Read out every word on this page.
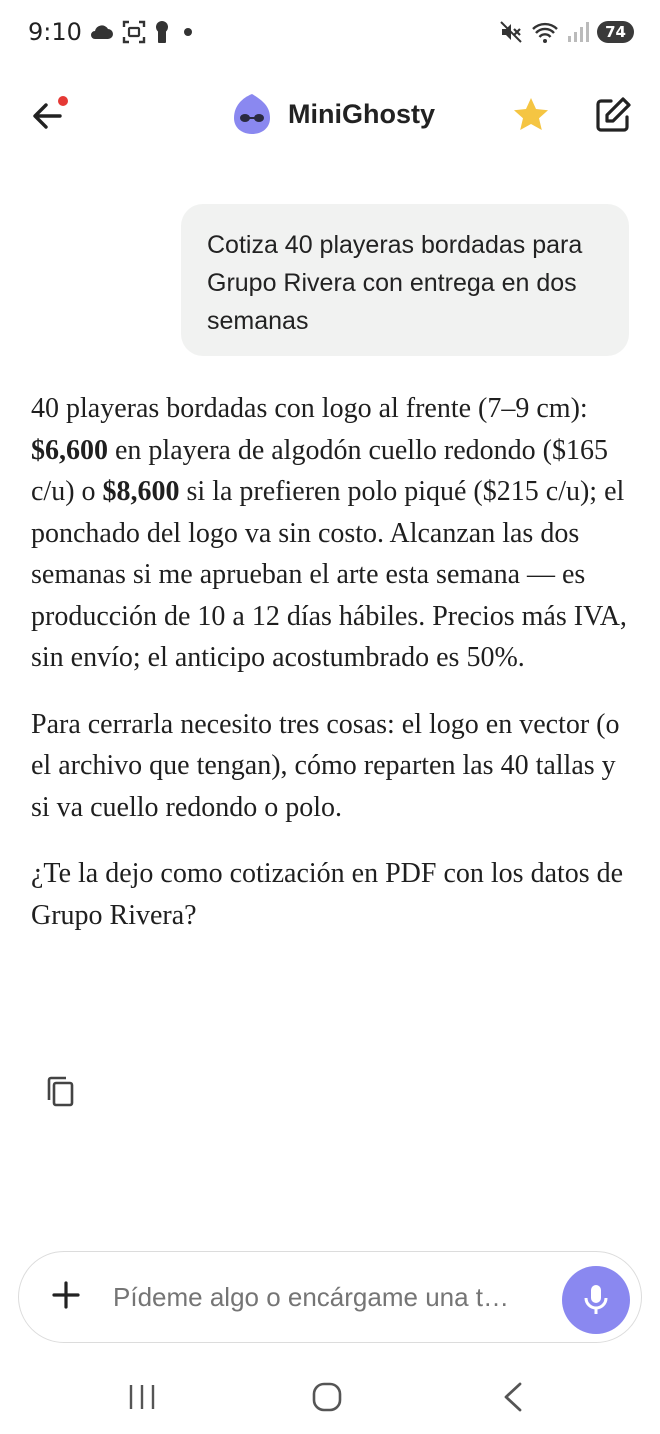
9:10	74
MiniGhosty
Cotiza 40 playeras bordadas para Grupo Rivera con entrega en dos semanas

40 playeras bordadas con logo al frente (7–9 cm): $6,600 en playera de algodón cuello redondo ($165 c/u) o $8,600 si la prefieren polo piqué ($215 c/u); el ponchado del logo va sin costo. Alcanzan las dos semanas si me aprueban el arte esta semana — es producción de 10 a 12 días hábiles. Precios más IVA, sin envío; el anticipo acostumbrado es 50%.

Para cerrarla necesito tres cosas: el logo en vector (o el archivo que tengan), cómo reparten las 40 tallas y si va cuello redondo o polo.

¿Te la dejo como cotización en PDF con los datos de Grupo Rivera?

Pídeme algo o encárgame una t…
